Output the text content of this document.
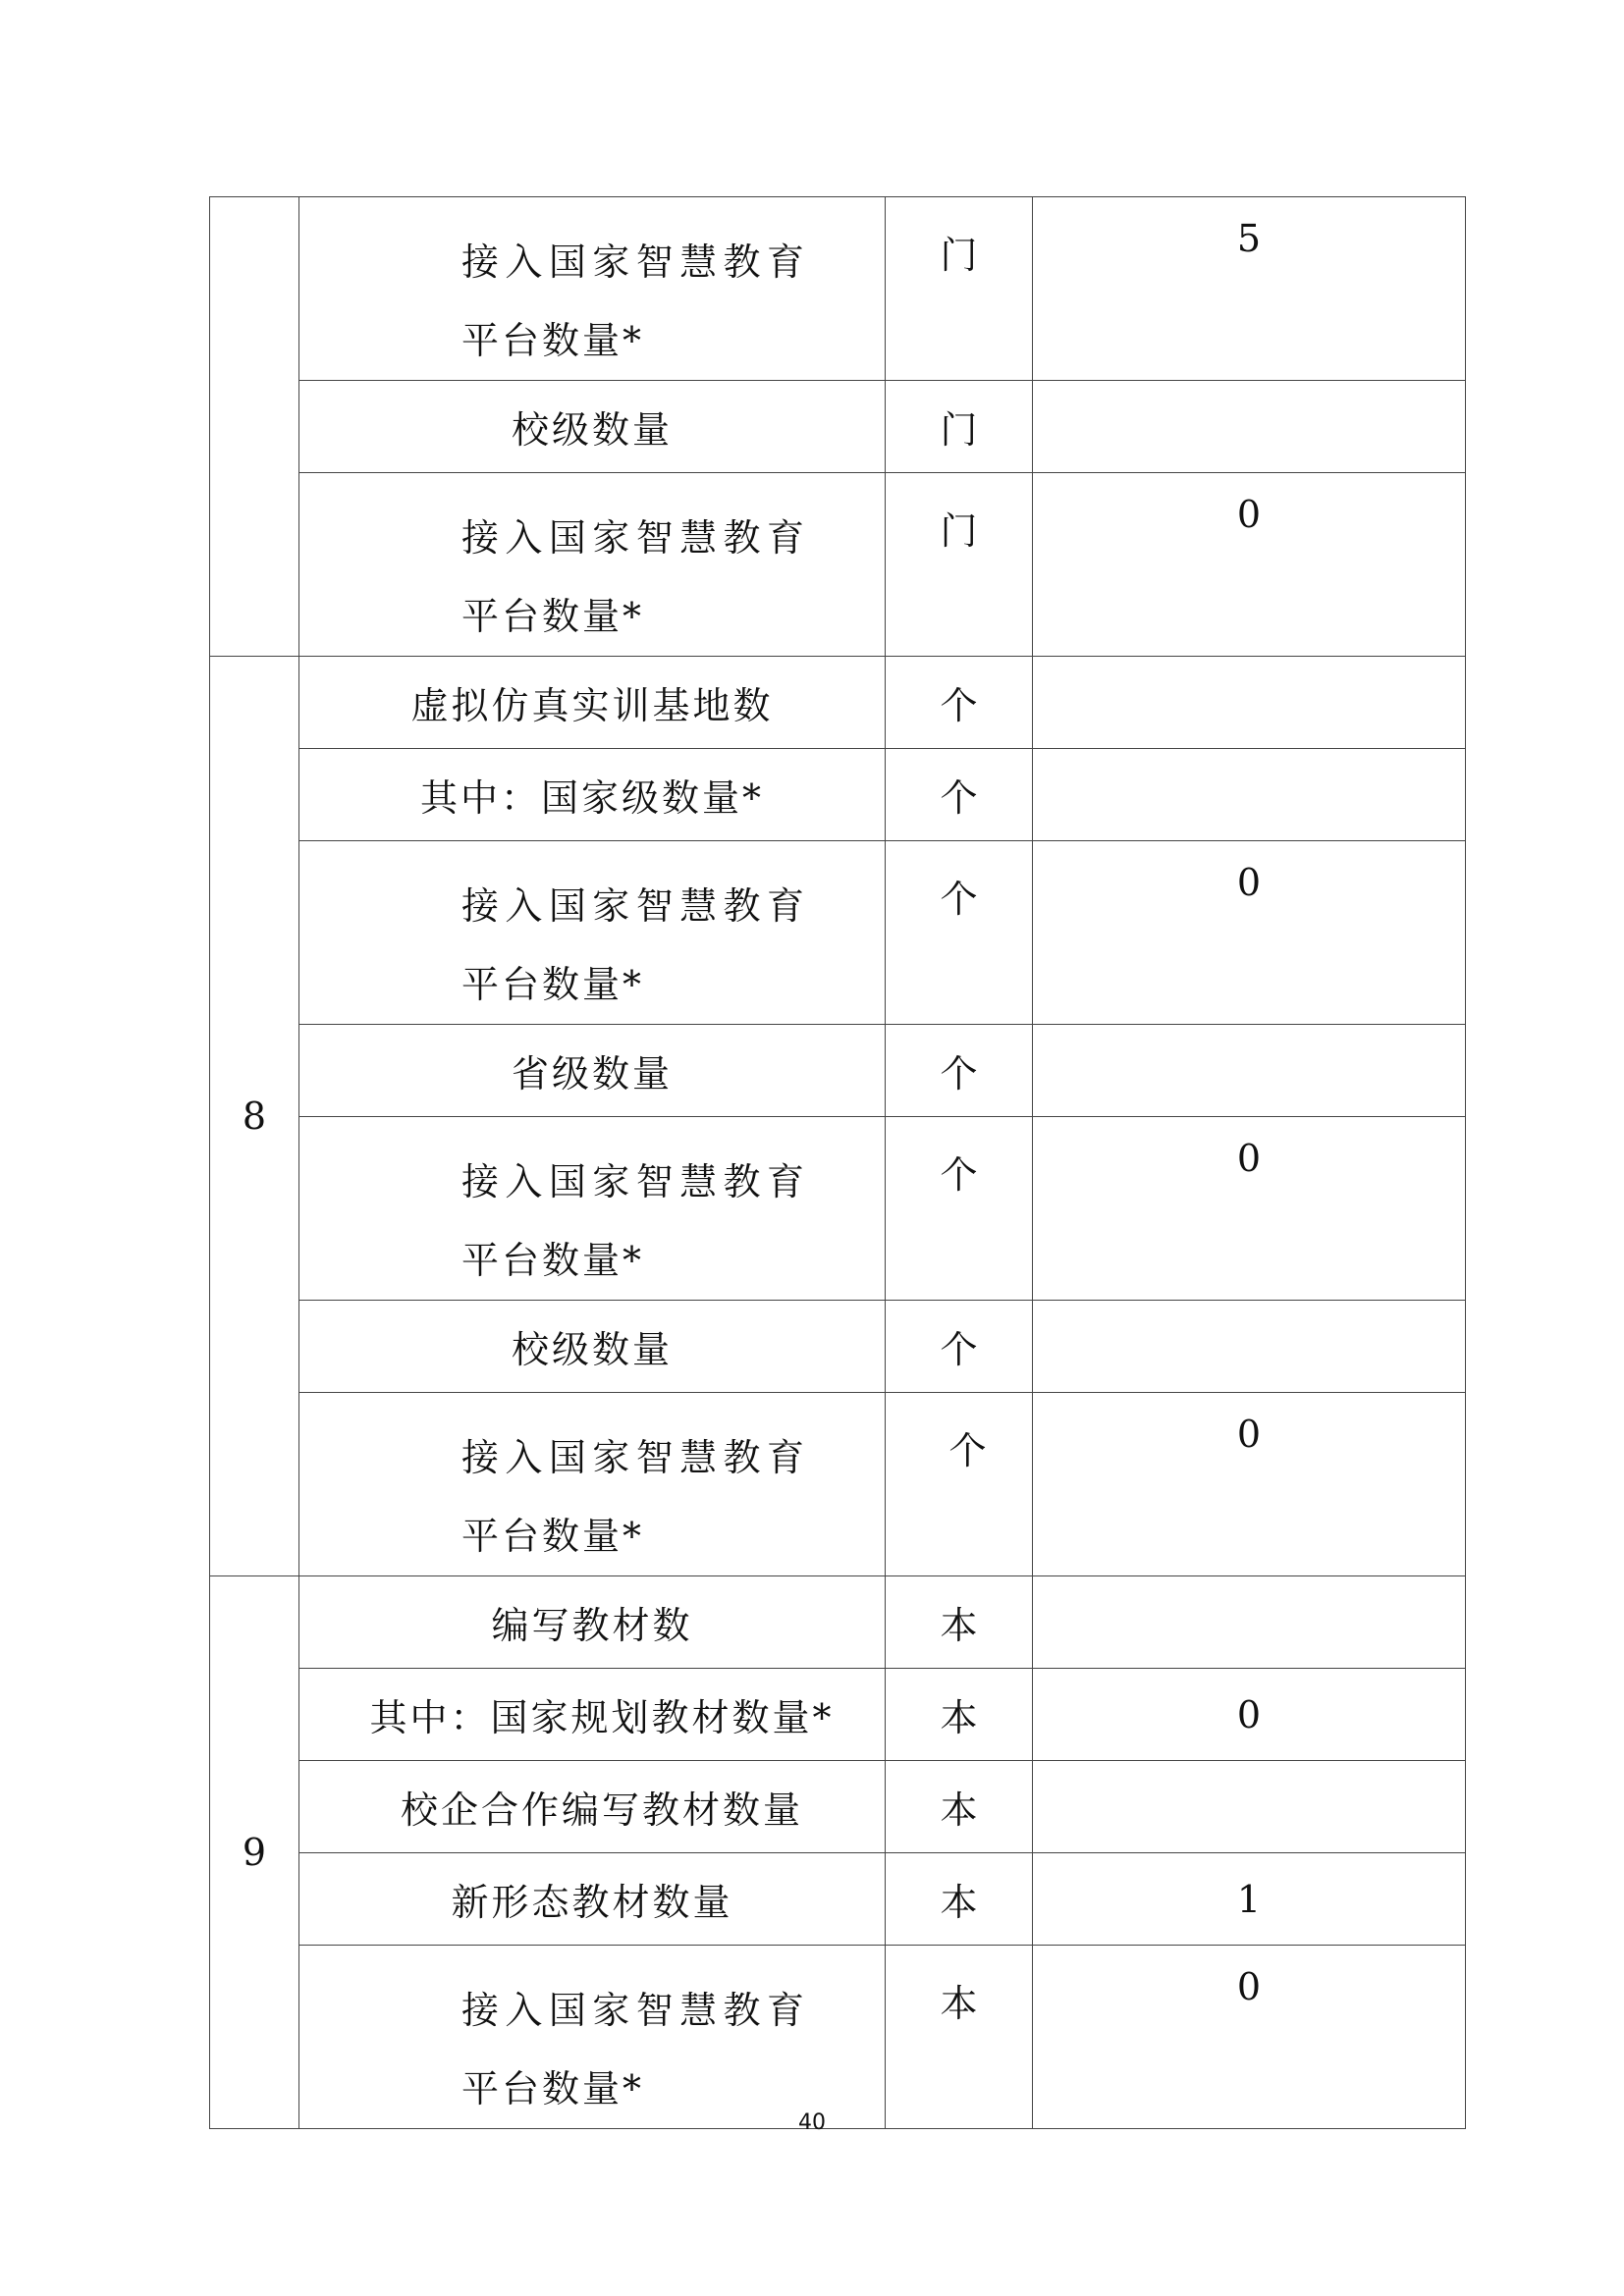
	接入国家智慧教育平台数量*	门	5

	校级数量	门	

	接入国家智慧教育平台数量*	门	0

8	虚拟仿真实训基地数	个	

	其中：国家级数量*	个	

	接入国家智慧教育平台数量*	个	0

	省级数量	个	

	接入国家智慧教育平台数量*	个	0

	校级数量	个	

	接入国家智慧教育平台数量*	个	0

9	编写教材数	本	

	其中：国家规划教材数量*	本	0

	校企合作编写教材数量	本	

	新形态教材数量	本	1

	接入国家智慧教育平台数量*	本	0
40
